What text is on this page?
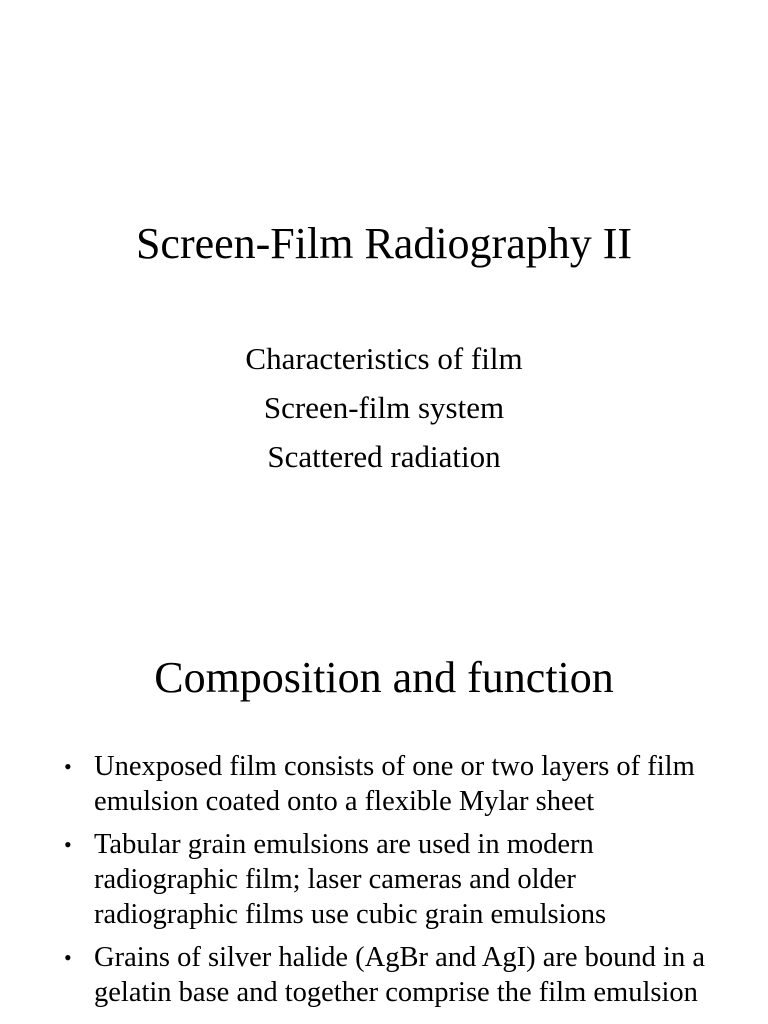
Screen-Film Radiography II
Characteristics of film
Screen-film system
Scattered radiation
Composition and function
• Unexposed film consists of one or two layers of film emulsion coated onto a flexible Mylar sheet
• Tabular grain emulsions are used in modern radiographic film; laser cameras and older radiographic films use cubic grain emulsions
• Grains of silver halide (AgBr and AgI) are bound in a gelatin base and together comprise the film emulsion
